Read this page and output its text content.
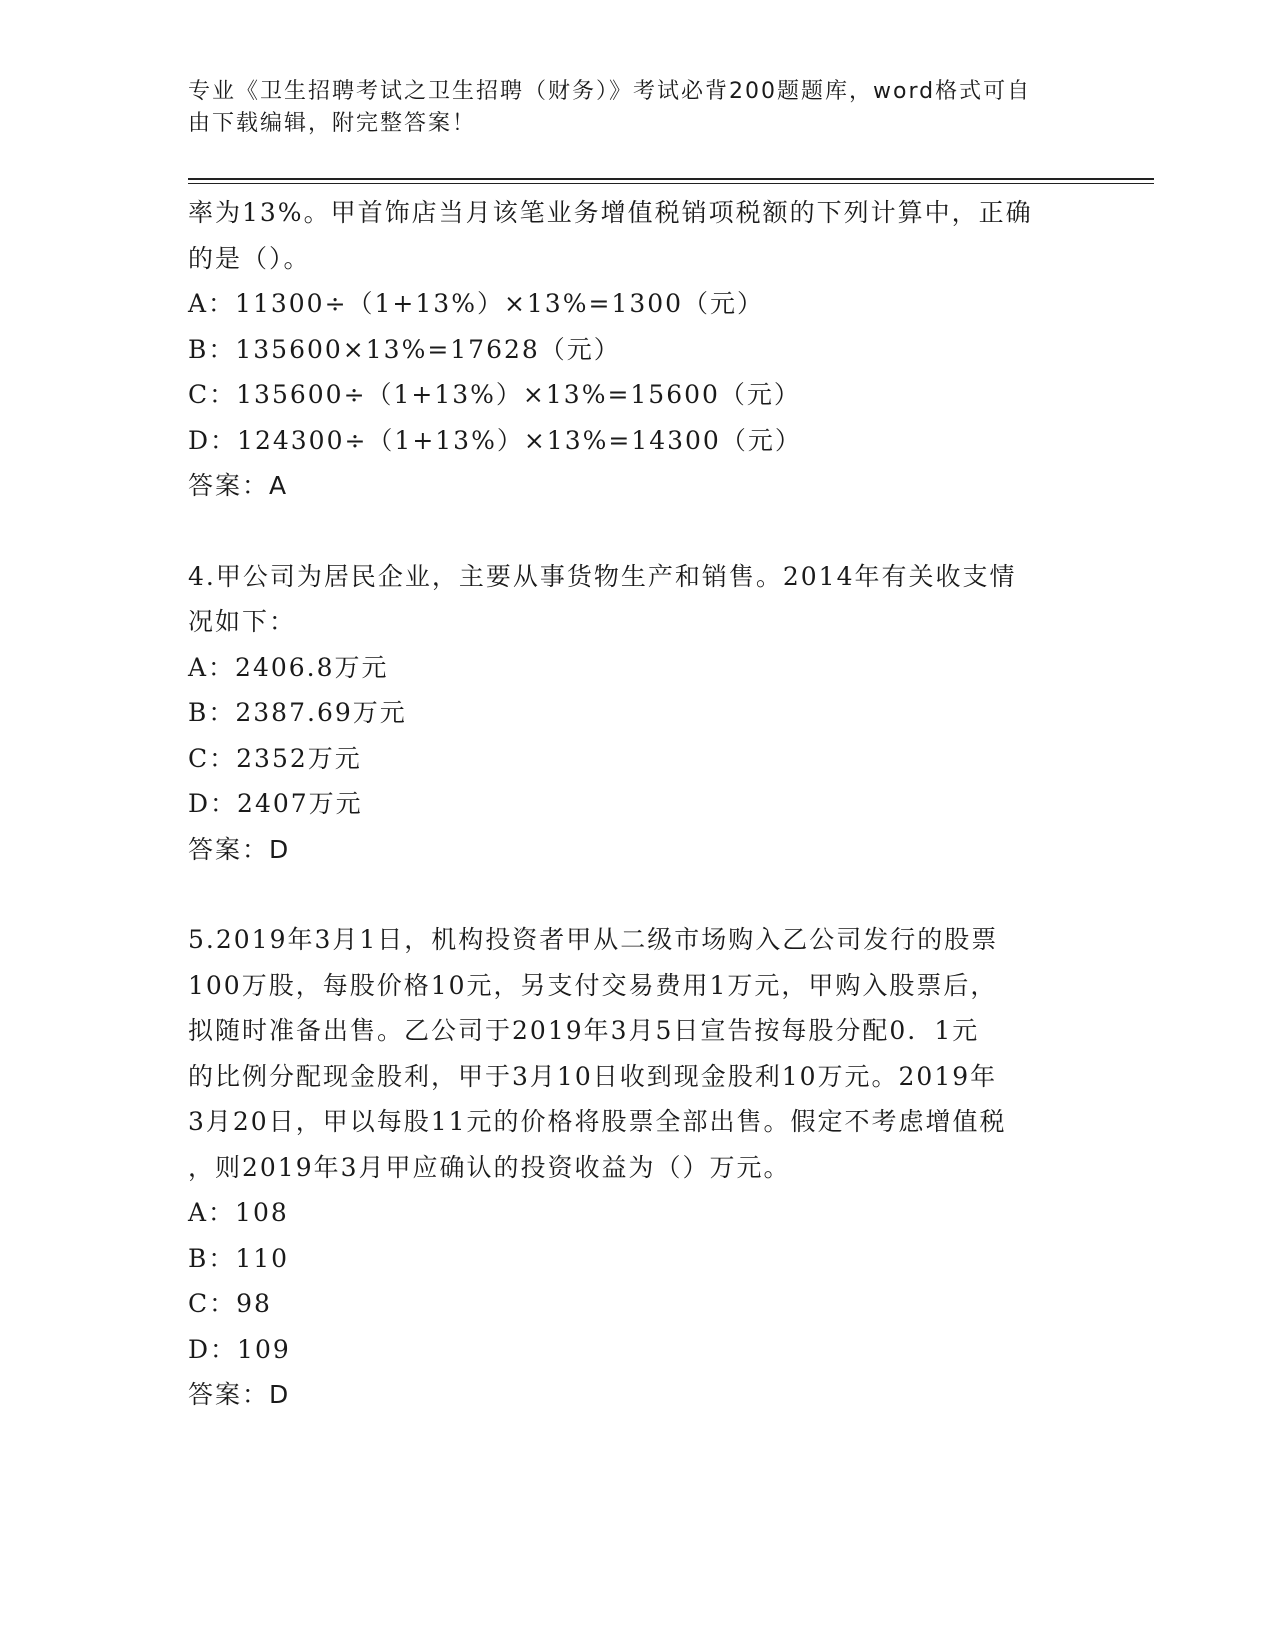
专业《卫生招聘考试之卫生招聘（财务）》考试必背200题题库，word格式可自
由下载编辑，附完整答案！
率为13%。甲首饰店当月该笔业务增值税销项税额的下列计算中，正确
的是（）。
A：11300÷（1+13%）×13%=1300（元）
B：135600×13%=17628（元）
C：135600÷（1+13%）×13%=15600（元）
D：124300÷（1+13%）×13%=14300（元）
答案：A
4.甲公司为居民企业，主要从事货物生产和销售。2014年有关收支情
况如下：
A：2406.8万元
B：2387.69万元
C：2352万元
D：2407万元
答案：D
5.2019年3月1日，机构投资者甲从二级市场购入乙公司发行的股票
100万股，每股价格10元，另支付交易费用1万元，甲购入股票后，
拟随时准备出售。乙公司于2019年3月5日宣告按每股分配0．1元
的比例分配现金股利，甲于3月10日收到现金股利10万元。2019年
3月20日，甲以每股11元的价格将股票全部出售。假定不考虑增值税
，则2019年3月甲应确认的投资收益为（）万元。
A：108
B：110
C：98
D：109
答案：D
